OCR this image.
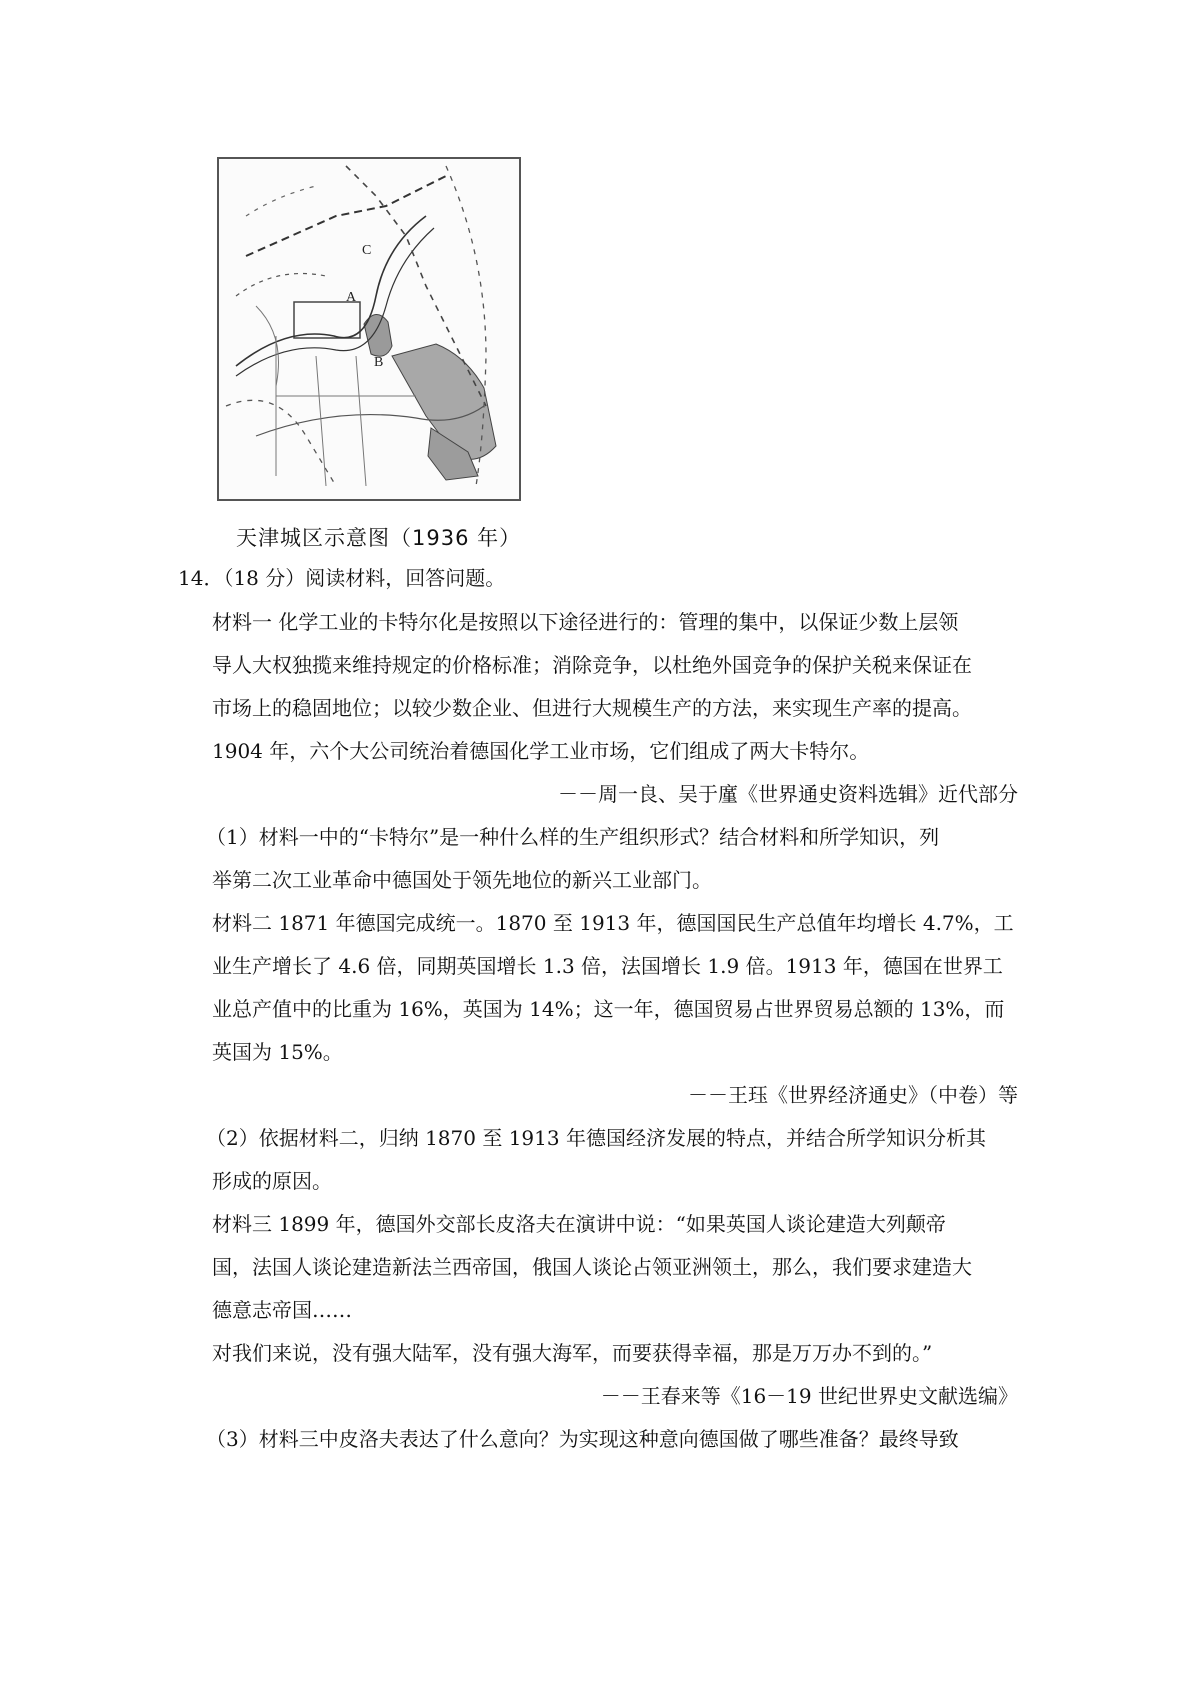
A
B
C
天津城区示意图（1936 年）
14．（18 分）阅读材料，回答问题。
材料一 化学工业的卡特尔化是按照以下途径进行的：管理的集中，以保证少数上层领
导人大权独揽来维持规定的价格标准；消除竞争，以杜绝外国竞争的保护关税来保证在
市场上的稳固地位；以较少数企业、但进行大规模生产的方法，来实现生产率的提高。
1904 年，六个大公司统治着德国化学工业市场，它们组成了两大卡特尔。
－－周一良、吴于廑《世界通史资料选辑》近代部分
（1）材料一中的“卡特尔”是一种什么样的生产组织形式？结合材料和所学知识，列
举第二次工业革命中德国处于领先地位的新兴工业部门。
材料二 1871 年德国完成统一。1870 至 1913 年，德国国民生产总值年均增长 4.7%，工
业生产增长了 4.6 倍，同期英国增长 1.3 倍，法国增长 1.9 倍。1913 年，德国在世界工
业总产值中的比重为 16%，英国为 14%；这一年，德国贸易占世界贸易总额的 13%，而
英国为 15%。
－－王珏《世界经济通史》（中卷）等
（2）依据材料二，归纳 1870 至 1913 年德国经济发展的特点，并结合所学知识分析其
形成的原因。
材料三 1899 年，德国外交部长皮洛夫在演讲中说：“如果英国人谈论建造大列颠帝
国，法国人谈论建造新法兰西帝国，俄国人谈论占领亚洲领土，那么，我们要求建造大
德意志帝国……
对我们来说，没有强大陆军，没有强大海军，而要获得幸福，那是万万办不到的。”
－－王春来等《16－19 世纪世界史文献选编》
（3）材料三中皮洛夫表达了什么意向？为实现这种意向德国做了哪些准备？最终导致
